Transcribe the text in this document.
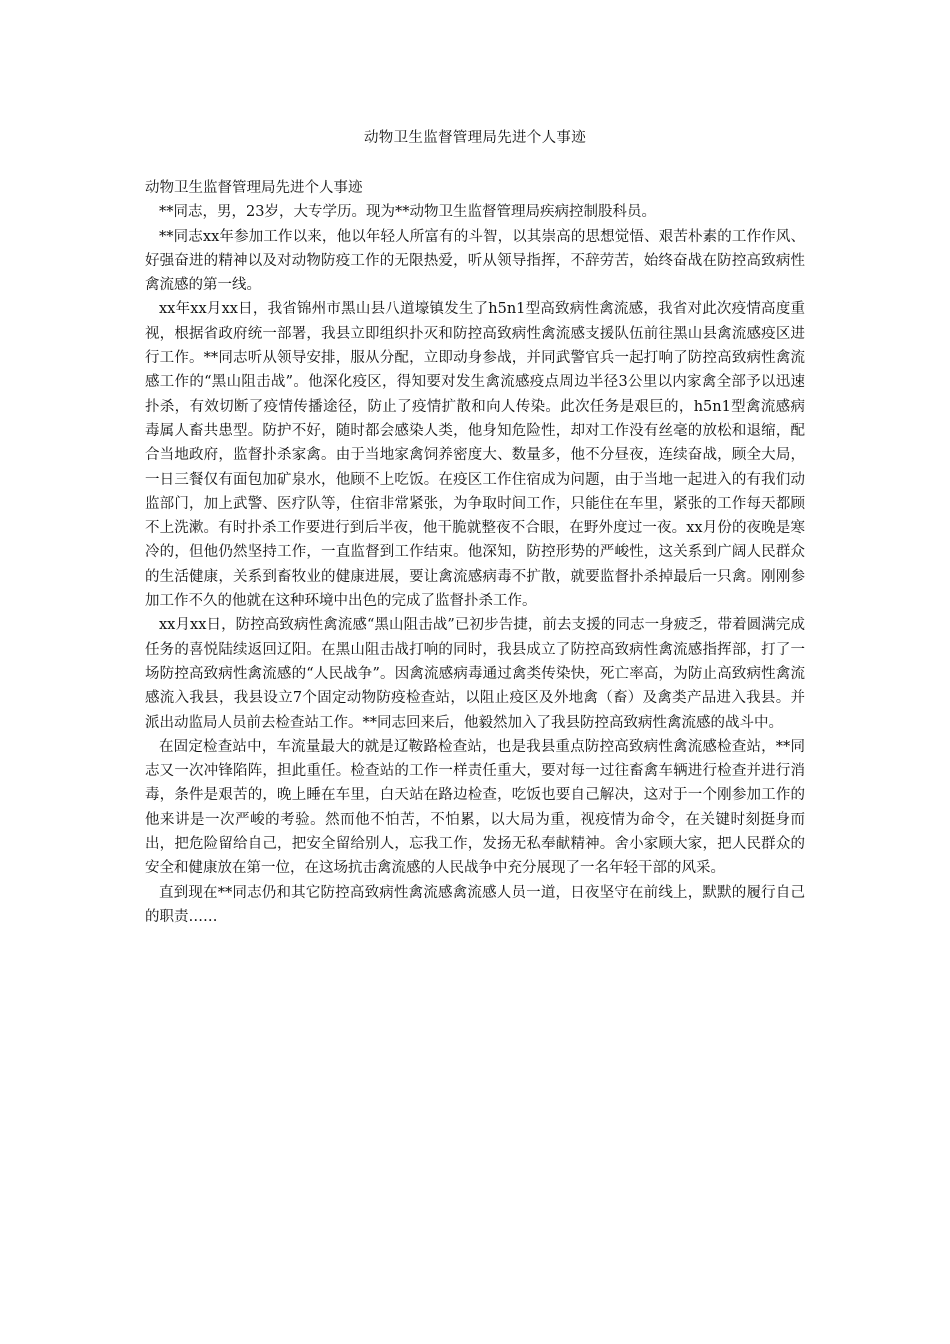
动物卫生监督管理局先进个人事迹

动物卫生监督管理局先进个人事迹

**同志，男，23岁，大专学历。现为**动物卫生监督管理局疾病控制股科员。

**同志xx年参加工作以来，他以年轻人所富有的斗智，以其崇高的思想觉悟、艰苦朴素的工作作风、好强奋进的精神以及对动物防疫工作的无限热爱，听从领导指挥，不辞劳苦，始终奋战在防控高致病性禽流感的第一线。

xx年xx月xx日，我省锦州市黑山县八道壕镇发生了h5n1型高致病性禽流感，我省对此次疫情高度重视，根据省政府统一部署，我县立即组织扑灭和防控高致病性禽流感支援队伍前往黑山县禽流感疫区进行工作。**同志听从领导安排，服从分配，立即动身参战，并同武警官兵一起打响了防控高致病性禽流感工作的“黑山阻击战”。他深化疫区，得知要对发生禽流感疫点周边半径3公里以内家禽全部予以迅速扑杀，有效切断了疫情传播途径，防止了疫情扩散和向人传染。此次任务是艰巨的，h5n1型禽流感病毒属人畜共患型。防护不好，随时都会感染人类，他身知危险性，却对工作没有丝毫的放松和退缩，配合当地政府，监督扑杀家禽。由于当地家禽饲养密度大、数量多，他不分昼夜，连续奋战，顾全大局，一日三餐仅有面包加矿泉水，他顾不上吃饭。在疫区工作住宿成为问题，由于当地一起进入的有我们动监部门，加上武警、医疗队等，住宿非常紧张，为争取时间工作，只能住在车里，紧张的工作每天都顾不上洗漱。有时扑杀工作要进行到后半夜，他干脆就整夜不合眼，在野外度过一夜。xx月份的夜晚是寒冷的，但他仍然坚持工作，一直监督到工作结束。他深知，防控形势的严峻性，这关系到广阔人民群众的生活健康，关系到畜牧业的健康进展，要让禽流感病毒不扩散，就要监督扑杀掉最后一只禽。刚刚参加工作不久的他就在这种环境中出色的完成了监督扑杀工作。

xx月xx日，防控高致病性禽流感“黑山阻击战”已初步告捷，前去支援的同志一身疲乏，带着圆满完成任务的喜悦陆续返回辽阳。在黑山阻击战打响的同时，我县成立了防控高致病性禽流感指挥部，打了一场防控高致病性禽流感的“人民战争”。因禽流感病毒通过禽类传染快，死亡率高，为防止高致病性禽流感流入我县，我县设立7个固定动物防疫检查站，以阻止疫区及外地禽（畜）及禽类产品进入我县。并派出动监局人员前去检查站工作。**同志回来后，他毅然加入了我县防控高致病性禽流感的战斗中。

在固定检查站中，车流量最大的就是辽鞍路检查站，也是我县重点防控高致病性禽流感检查站，**同志又一次冲锋陷阵，担此重任。检查站的工作一样责任重大，要对每一过往畜禽车辆进行检查并进行消毒，条件是艰苦的，晚上睡在车里，白天站在路边检查，吃饭也要自己解决，这对于一个刚参加工作的他来讲是一次严峻的考验。然而他不怕苦，不怕累，以大局为重，视疫情为命令，在关键时刻挺身而出，把危险留给自己，把安全留给别人，忘我工作，发扬无私奉献精神。舍小家顾大家，把人民群众的安全和健康放在第一位，在这场抗击禽流感的人民战争中充分展现了一名年轻干部的风采。

直到现在**同志仍和其它防控高致病性禽流感禽流感人员一道，日夜坚守在前线上，默默的履行自己的职责……
